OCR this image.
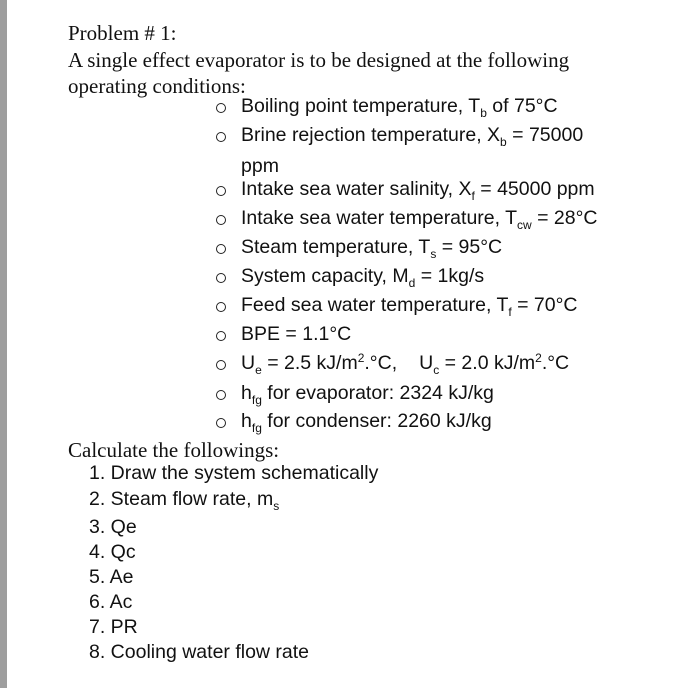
Problem # 1:
A single effect evaporator is to be designed at the following
operating conditions:
Boiling point temperature, $T_b$ of 75°C
Brine rejection temperature, $X_b = 75000$
ppm
Intake sea water salinity, $X_f = 45000$ ppm
Intake sea water temperature, $T_{cw} = 28^\circ C$
Steam temperature, $T_s = 95^\circ C$
System capacity, $M_d = 1kg/s$
Feed sea water temperature, $T_f = 70^\circ C$
BPE = 1.1°C
$U_e = 2.5$ $kJ/m^2.^\circ C$, $U_c = 2.0$ $kJ/m^2.^\circ C$
$h_{fg}$ for evaporator: 2324 kJ/kg
$h_{fg}$ for condenser: 2260 kJ/kg
Calculate the followings:
1. Draw the system schematically
2. Steam flow rate, $m_s$
3. Qe
4. Qc
5. Ae
6. Ac
7. PR
8. Cooling water flow rate
